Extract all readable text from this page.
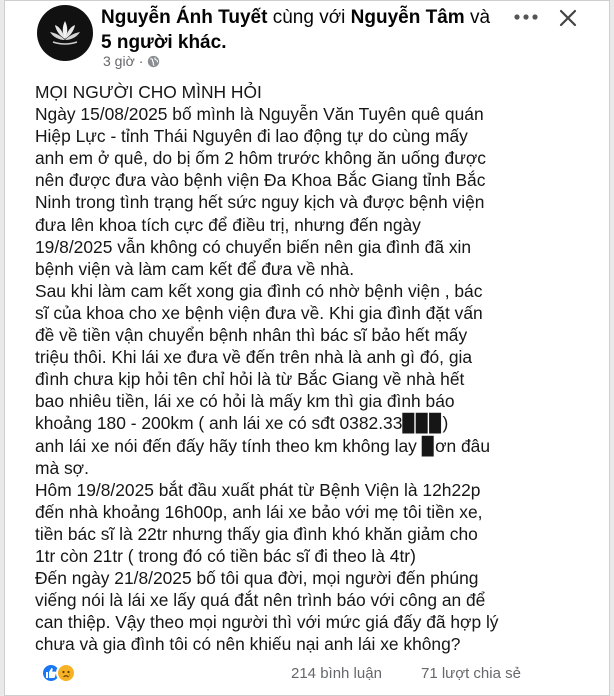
Nguyễn Ánh Tuyết cùng với Nguyễn Tâm và 5 người khác.
3 giờ ·

MỌI NGƯỜI CHO MÌNH HỎI

Ngày 15/08/2025 bố mình là Nguyễn Văn Tuyên quê quán

Hiệp Lực - tỉnh Thái Nguyên đi lao động tự do cùng mấy

anh em ở quê, do bị ốm 2 hôm trước không ăn uống được

nên được đưa vào bệnh viện Đa Khoa Bắc Giang tỉnh Bắc

Ninh trong tình trạng hết sức nguy kịch và được bệnh viện

đưa lên khoa tích cực để điều trị, nhưng đến ngày

19/8/2025 vẫn không có chuyển biến nên gia đình đã xin

bệnh viện và làm cam kết để đưa về nhà.

Sau khi làm cam kết xong gia đình có nhờ bệnh viện , bác

sĩ của khoa cho xe bệnh viện đưa về. Khi gia đình đặt vấn

đề về tiền vận chuyển bệnh nhân thì bác sĩ bảo hết mấy

triệu thôi. Khi lái xe đưa về đến trên nhà là anh gì đó, gia

đình chưa kịp hỏi tên chỉ hỏi là từ Bắc Giang về nhà hết

bao nhiêu tiền, lái xe có hỏi là mấy km thì gia đình báo

khoảng 180 - 200km ( anh lái xe có sđt 0382.33▉▉▉)

anh lái xe nói đến đấy hãy tính theo km không lay ▉ơn đâu

mà sợ.

Hôm 19/8/2025 bắt đầu xuất phát từ Bệnh Viện là 12h22p

đến nhà khoảng 16h00p, anh lái xe bảo với mẹ tôi tiền xe,

tiền bác sĩ là 22tr nhưng thấy gia đình khó khăn giảm cho

1tr còn 21tr ( trong đó có tiền bác sĩ đi theo là 4tr)

Đến ngày 21/8/2025 bố tôi qua đời, mọi người đến phúng

viếng nói là lái xe lấy quá đắt nên trình báo với công an để

can thiệp. Vậy theo mọi người thì với mức giá đấy đã hợp lý

chưa và gia đình tôi có nên khiếu nại anh lái xe không?

214 bình luận	71 lượt chia sẻ
